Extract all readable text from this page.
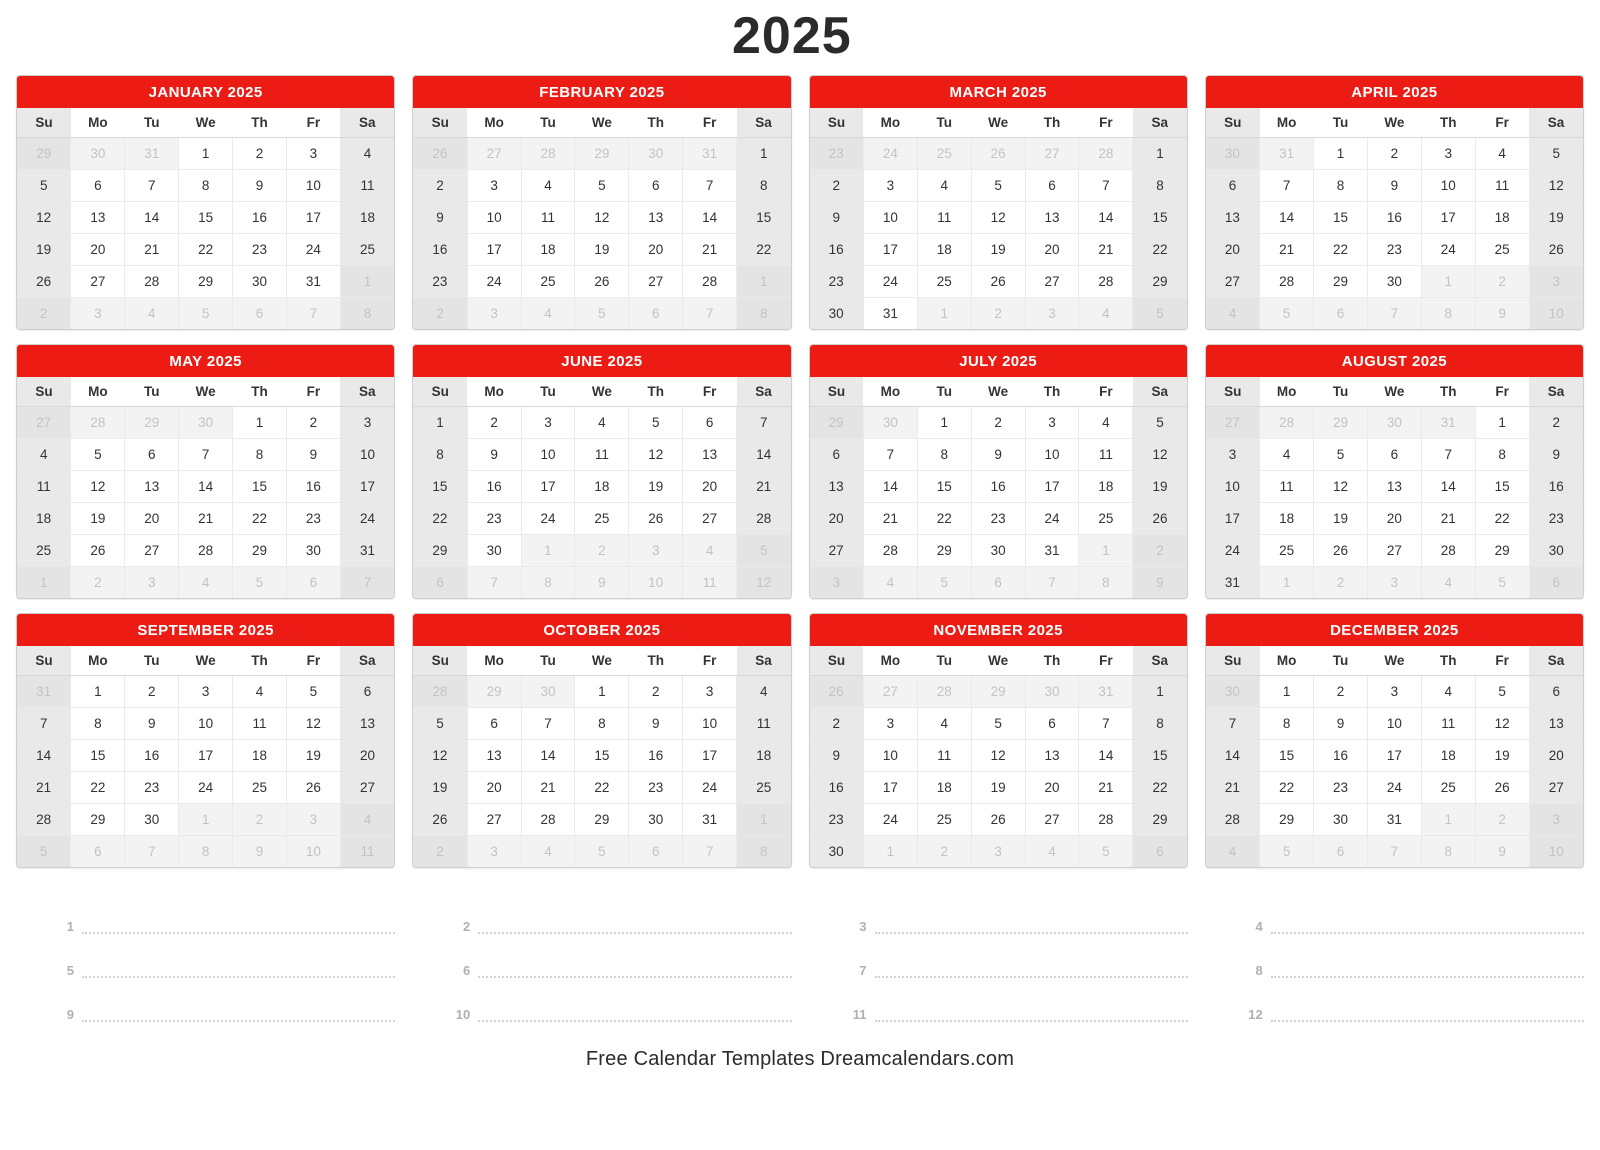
2025
JANUARY 2025
Su	Mo	Tu	We	Th	Fr	Sa
29	30	31	1	2	3	4
5	6	7	8	9	10	11
12	13	14	15	16	17	18
19	20	21	22	23	24	25
26	27	28	29	30	31	1
2	3	4	5	6	7	8
FEBRUARY 2025
Su	Mo	Tu	We	Th	Fr	Sa
26	27	28	29	30	31	1
2	3	4	5	6	7	8
9	10	11	12	13	14	15
16	17	18	19	20	21	22
23	24	25	26	27	28	1
2	3	4	5	6	7	8
MARCH 2025
Su	Mo	Tu	We	Th	Fr	Sa
23	24	25	26	27	28	1
2	3	4	5	6	7	8
9	10	11	12	13	14	15
16	17	18	19	20	21	22
23	24	25	26	27	28	29
30	31	1	2	3	4	5
APRIL 2025
Su	Mo	Tu	We	Th	Fr	Sa
30	31	1	2	3	4	5
6	7	8	9	10	11	12
13	14	15	16	17	18	19
20	21	22	23	24	25	26
27	28	29	30	1	2	3
4	5	6	7	8	9	10
MAY 2025
Su	Mo	Tu	We	Th	Fr	Sa
27	28	29	30	1	2	3
4	5	6	7	8	9	10
11	12	13	14	15	16	17
18	19	20	21	22	23	24
25	26	27	28	29	30	31
1	2	3	4	5	6	7
JUNE 2025
Su	Mo	Tu	We	Th	Fr	Sa
1	2	3	4	5	6	7
8	9	10	11	12	13	14
15	16	17	18	19	20	21
22	23	24	25	26	27	28
29	30	1	2	3	4	5
6	7	8	9	10	11	12
JULY 2025
Su	Mo	Tu	We	Th	Fr	Sa
29	30	1	2	3	4	5
6	7	8	9	10	11	12
13	14	15	16	17	18	19
20	21	22	23	24	25	26
27	28	29	30	31	1	2
3	4	5	6	7	8	9
AUGUST 2025
Su	Mo	Tu	We	Th	Fr	Sa
27	28	29	30	31	1	2
3	4	5	6	7	8	9
10	11	12	13	14	15	16
17	18	19	20	21	22	23
24	25	26	27	28	29	30
31	1	2	3	4	5	6
SEPTEMBER 2025
Su	Mo	Tu	We	Th	Fr	Sa
31	1	2	3	4	5	6
7	8	9	10	11	12	13
14	15	16	17	18	19	20
21	22	23	24	25	26	27
28	29	30	1	2	3	4
5	6	7	8	9	10	11
OCTOBER 2025
Su	Mo	Tu	We	Th	Fr	Sa
28	29	30	1	2	3	4
5	6	7	8	9	10	11
12	13	14	15	16	17	18
19	20	21	22	23	24	25
26	27	28	29	30	31	1
2	3	4	5	6	7	8
NOVEMBER 2025
Su	Mo	Tu	We	Th	Fr	Sa
26	27	28	29	30	31	1
2	3	4	5	6	7	8
9	10	11	12	13	14	15
16	17	18	19	20	21	22
23	24	25	26	27	28	29
30	1	2	3	4	5	6
DECEMBER 2025
Su	Mo	Tu	We	Th	Fr	Sa
30	1	2	3	4	5	6
7	8	9	10	11	12	13
14	15	16	17	18	19	20
21	22	23	24	25	26	27
28	29	30	31	1	2	3
4	5	6	7	8	9	10
1	2	3	4
5	6	7	8
9	10	11	12
Free Calendar Templates Dreamcalendars.com
